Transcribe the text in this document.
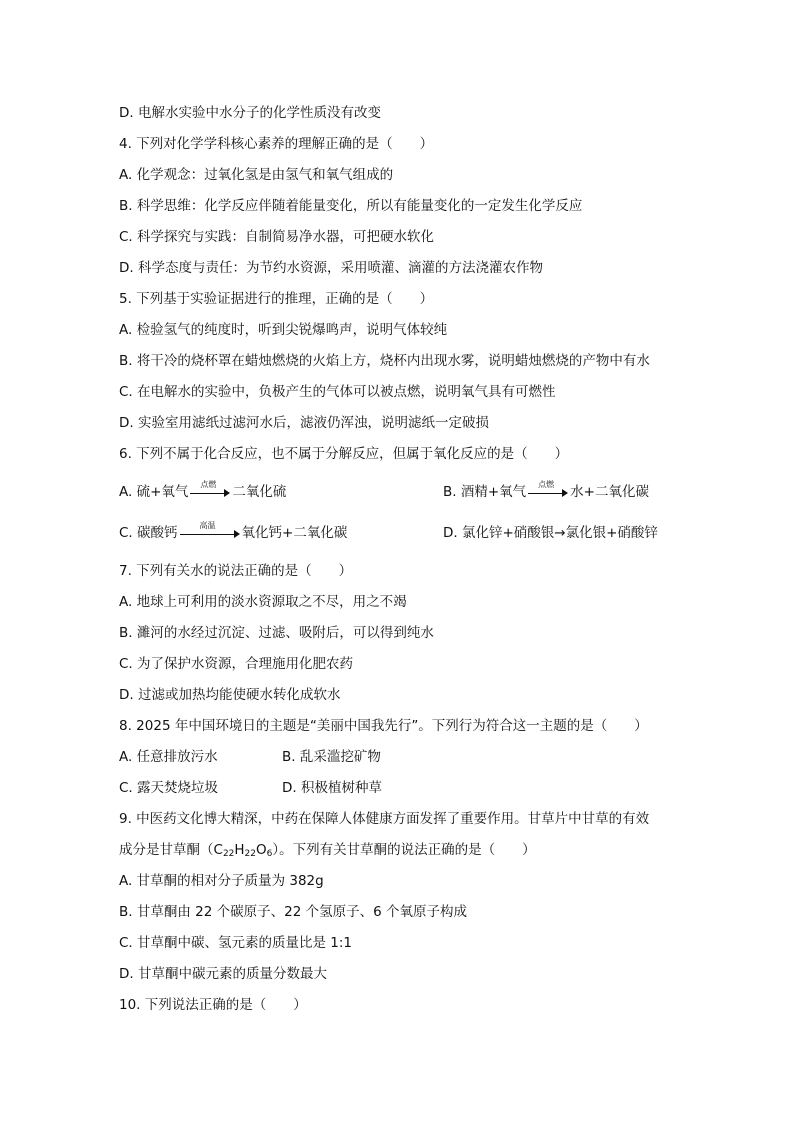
D. 电解水实验中水分子的化学性质没有改变
4. 下列对化学学科核心素养的理解正确的是（　　）
A. 化学观念：过氧化氢是由氢气和氧气组成的
B. 科学思维：化学反应伴随着能量变化，所以有能量变化的一定发生化学反应
C. 科学探究与实践：自制简易净水器，可把硬水软化
D. 科学态度与责任：为节约水资源，采用喷灌、滴灌的方法浇灌农作物
5. 下列基于实验证据进行的推理，正确的是（　　）
A. 检验氢气的纯度时，听到尖锐爆鸣声，说明气体较纯
B. 将干冷的烧杯罩在蜡烛燃烧的火焰上方，烧杯内出现水雾，说明蜡烛燃烧的产物中有水
C. 在电解水的实验中，负极产生的气体可以被点燃，说明氧气具有可燃性
D. 实验室用滤纸过滤河水后，滤液仍浑浊，说明滤纸一定破损
6. 下列不属于化合反应，也不属于分解反应，但属于氧化反应的是（　　）
A. 硫+氧气	点燃	二氧化硫	B. 酒精+氧气	点燃	水+二氧化碳
C. 碳酸钙	高温	氧化钙+二氧化碳	D. 氯化锌+硝酸银→氯化银+硝酸锌
7. 下列有关水的说法正确的是（　　）
A. 地球上可利用的淡水资源取之不尽，用之不竭
B. 濉河的水经过沉淀、过滤、吸附后，可以得到纯水
C. 为了保护水资源，合理施用化肥农药
D. 过滤或加热均能使硬水转化成软水
8. 2025 年中国环境日的主题是“美丽中国我先行”。下列行为符合这一主题的是（　　）
A. 任意排放污水	B. 乱采滥挖矿物
C. 露天焚烧垃圾	D. 积极植树种草
9. 中医药文化博大精深，中药在保障人体健康方面发挥了重要作用。甘草片中甘草的有效
成分是甘草酮$(C_{22}H_{22}O_6)$。下列有关甘草酮的说法正确的是（　　）
A. 甘草酮的相对分子质量为 382g
B. 甘草酮由 22 个碳原子、22 个氢原子、6 个氧原子构成
C. 甘草酮中碳、氢元素的质量比是 1:1
D. 甘草酮中碳元素的质量分数最大
10. 下列说法正确的是（　　）
